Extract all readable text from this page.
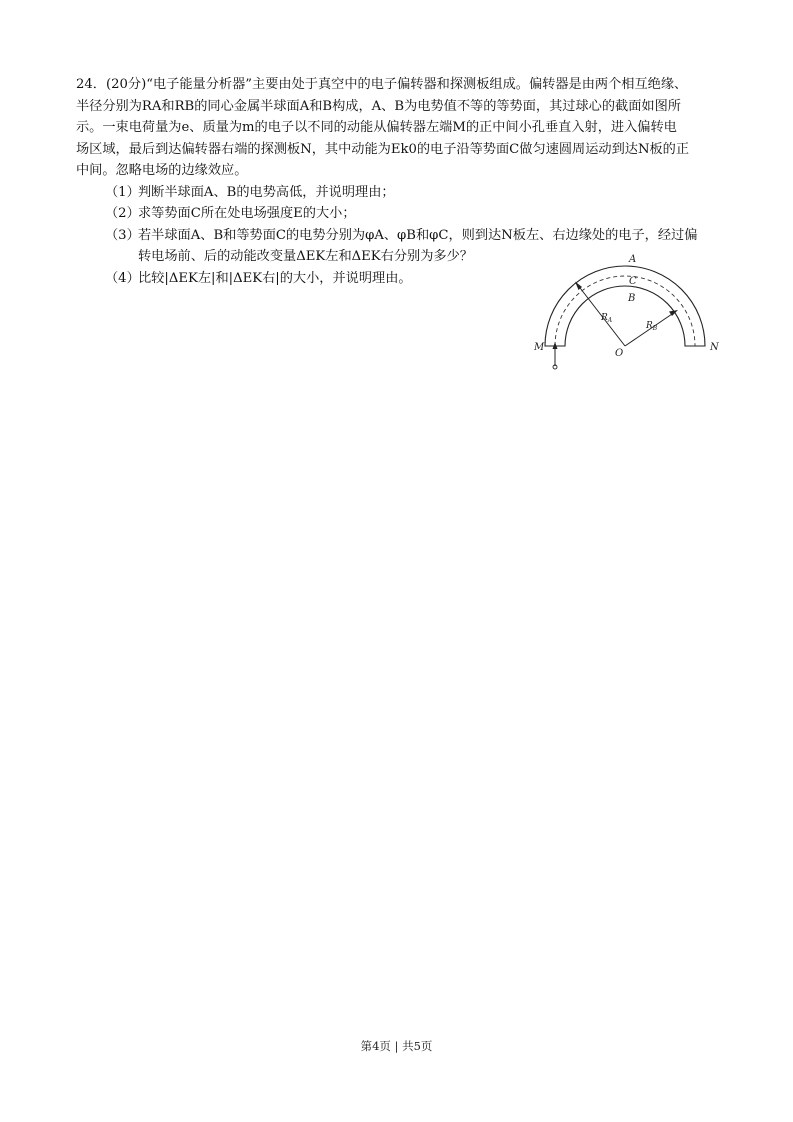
24．(20分)“电子能量分析器”主要由处于真空中的电子偏转器和探测板组成。偏转器是由两个相互绝缘、
半径分别为RA和RB的同心金属半球面A和B构成，A、B为电势值不等的等势面，其过球心的截面如图所
示。一束电荷量为e、质量为m的电子以不同的动能从偏转器左端M的正中间小孔垂直入射，进入偏转电
场区域，最后到达偏转器右端的探测板N，其中动能为Ek0的电子沿等势面C做匀速圆周运动到达N板的正
中间。忽略电场的边缘效应。

（1）
判断半球面A、B的电势高低，并说明理由；
（2）
求等势面C所在处电场强度E的大小；
（3）
若半球面A、B和等势面C的电势分别为φA、φB和φC，则到达N板左、右边缘处的电子，经过偏
转电场前、后的动能改变量ΔEK左和ΔEK右分别为多少？
（4）
比较|ΔEK左|和|ΔEK右|的大小，并说明理由。
A
C
B
$R_A$
$R_B$
M	N
O
第4页 | 共5页
